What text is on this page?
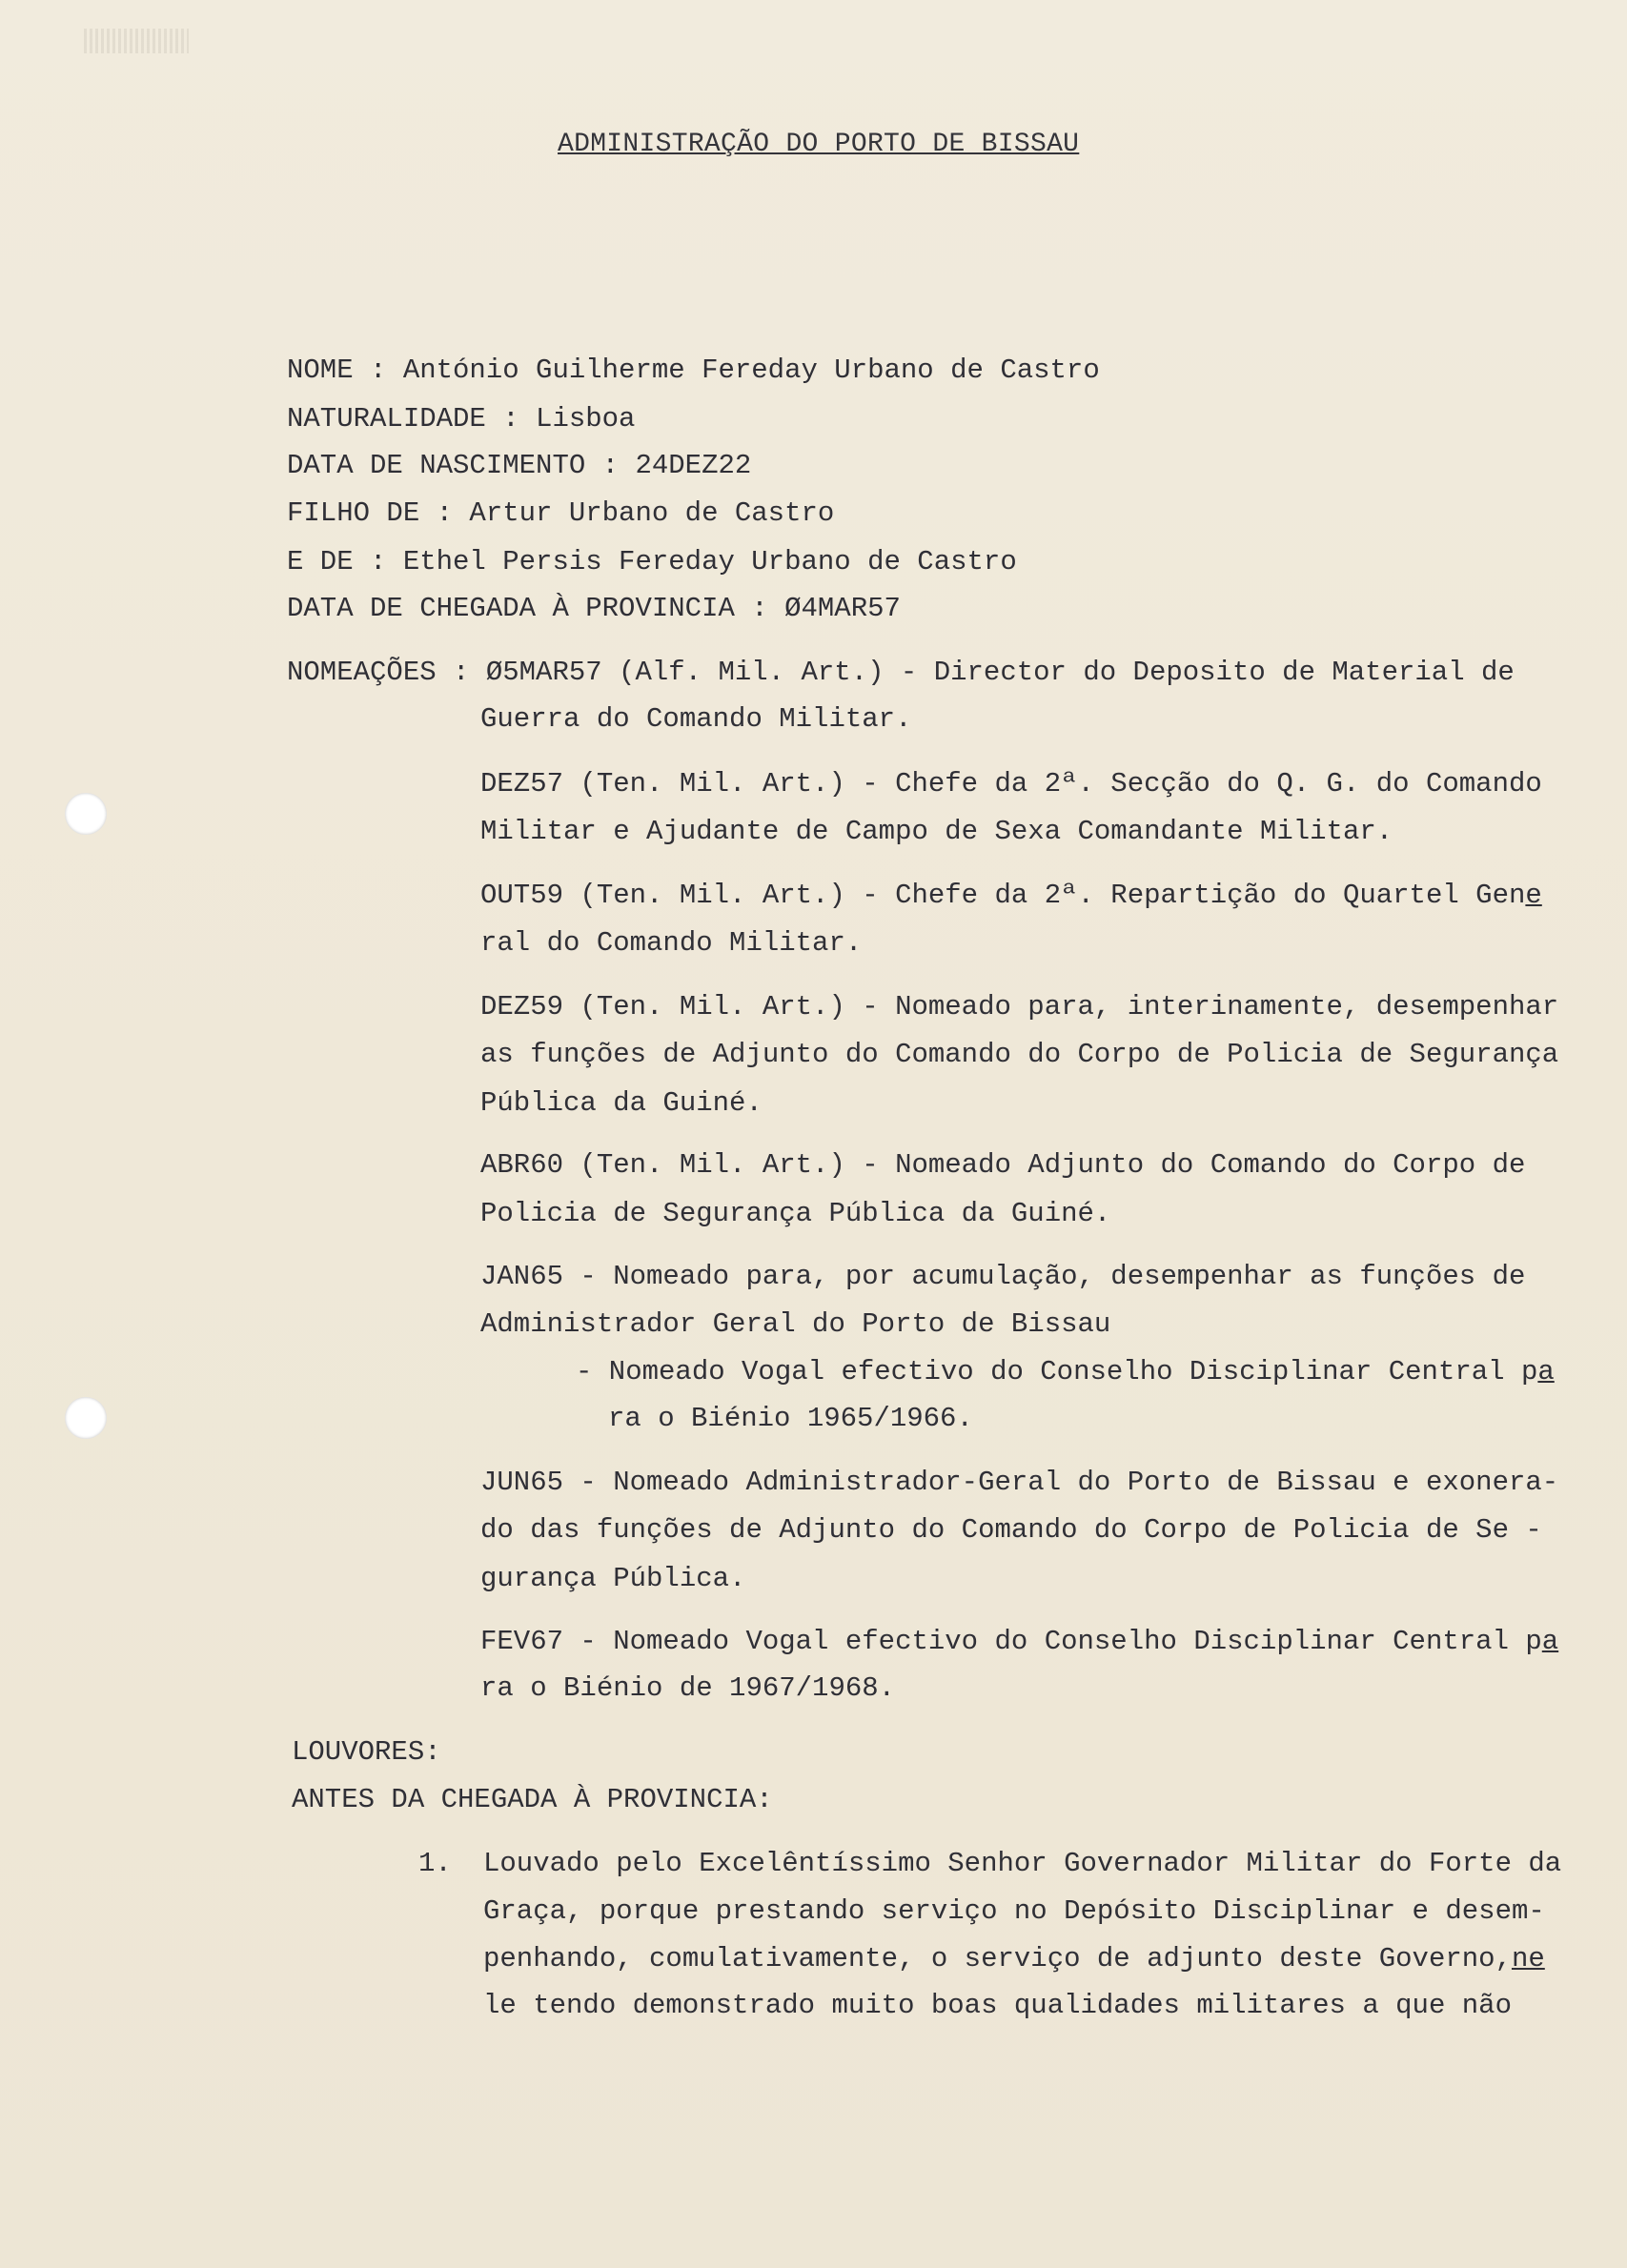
ADMINISTRAÇÃO DO PORTO DE BISSAU
NOME : António Guilherme Fereday Urbano de Castro
NATURALIDADE : Lisboa
DATA DE NASCIMENTO : 24DEZ22
FILHO DE : Artur Urbano de Castro
E DE : Ethel Persis Fereday Urbano de Castro
DATA DE CHEGADA À PROVINCIA : Ø4MAR57
NOMEAÇÕES : Ø5MAR57 (Alf. Mil. Art.) - Director do Deposito de Material de
Guerra do Comando Militar.
DEZ57 (Ten. Mil. Art.) - Chefe da 2ª. Secção do Q. G. do Comando
Militar e Ajudante de Campo de Sexa Comandante Militar.
OUT59 (Ten. Mil. Art.) - Chefe da 2ª. Repartição do Quartel Gene
ral do Comando Militar.
DEZ59 (Ten. Mil. Art.) - Nomeado para, interinamente, desempenhar
as funções de Adjunto do Comando do Corpo de Policia de Segurança
Pública da Guiné.
ABR60 (Ten. Mil. Art.) - Nomeado Adjunto do Comando do Corpo de
Policia de Segurança Pública da Guiné.
JAN65 - Nomeado para, por acumulação, desempenhar as funções de
Administrador Geral do Porto de Bissau
- Nomeado Vogal efectivo do Conselho Disciplinar Central pa
ra o Biénio 1965/1966.
JUN65 - Nomeado Administrador-Geral do Porto de Bissau e exonera-
do das funções de Adjunto do Comando do Corpo de Policia de Se -
gurança Pública.
FEV67 - Nomeado Vogal efectivo do Conselho Disciplinar Central pa
ra o Biénio de 1967/1968.
LOUVORES:
ANTES DA CHEGADA À PROVINCIA:
1. Louvado pelo Excelêntíssimo Senhor Governador Militar do Forte da
Graça, porque prestando serviço no Depósito Disciplinar e desem-
penhando, comulativamente, o serviço de adjunto deste Governo,ne
le tendo demonstrado muito boas qualidades militares a que não
